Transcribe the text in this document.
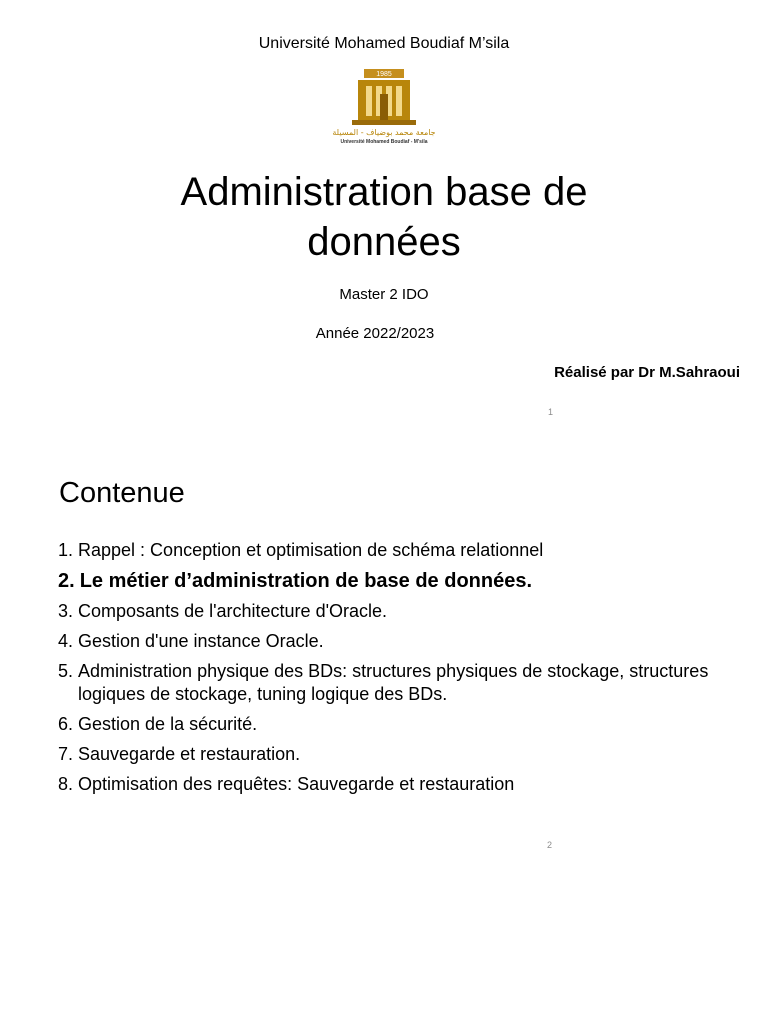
Université Mohamed Boudiaf M’sila
1985
جامعة محمد بوضياف - المسيلة
Université Mohamed Boudiaf - M'sila
Administration base de
données
Master 2 IDO
Année 2022/2023
Réalisé par Dr M.Sahraoui
1
Contenue
1. Rappel : Conception et optimisation de schéma relationnel
2. Le métier d’administration de base de données.
3. Composants de l'architecture d'Oracle.
4. Gestion d'une instance Oracle.
5. Administration physique des BDs: structures physiques de stockage, structures logiques de stockage, tuning logique des BDs.
6. Gestion de la sécurité.
7. Sauvegarde et restauration.
8. Optimisation des requêtes: Sauvegarde et restauration
2
